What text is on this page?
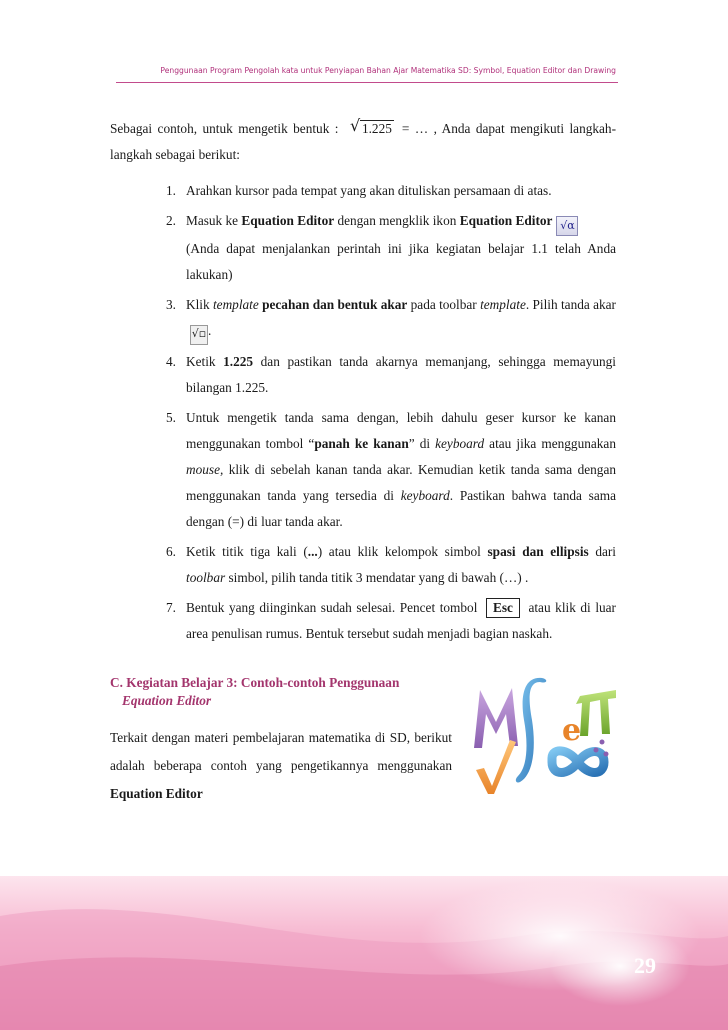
Penggunaan Program Pengolah kata untuk Penyiapan Bahan Ajar Matematika SD: Symbol, Equation Editor dan Drawing

Sebagai contoh, untuk mengetik bentuk : √ 1.225 = … , Anda dapat mengikuti langkah-langkah sebagai berikut:

1. Arahkan kursor pada tempat yang akan dituliskan persamaan di atas.
2. Masuk ke Equation Editor dengan mengklik ikon Equation Editor √α
(Anda dapat menjalankan perintah ini jika kegiatan belajar 1.1 telah Anda lakukan)
3. Klik template pecahan dan bentuk akar pada toolbar template. Pilih tanda akar √▫ .
4. Ketik 1.225 dan pastikan tanda akarnya memanjang, sehingga memayungi bilangan 1.225.
5. Untuk mengetik tanda sama dengan, lebih dahulu geser kursor ke kanan menggunakan tombol “panah ke kanan” di keyboard atau jika menggunakan mouse, klik di sebelah kanan tanda akar. Kemudian ketik tanda sama dengan menggunakan tanda yang tersedia di keyboard. Pastikan bahwa tanda sama dengan (=) di luar tanda akar.
6. Ketik titik tiga kali (...) atau klik kelompok simbol spasi dan ellipsis dari toolbar simbol, pilih tanda titik 3 mendatar yang di bawah (…) .
7. Bentuk yang diinginkan sudah selesai. Pencet tombol Esc atau klik di luar area penulisan rumus. Bentuk tersebut sudah menjadi bagian naskah.
C. Kegiatan Belajar 3: Contoh-contoh Penggunaan
Equation Editor
Terkait dengan materi pembelajaran matematika di SD, berikut adalah beberapa contoh yang pengetikannya menggunakan Equation Editor
e
29
